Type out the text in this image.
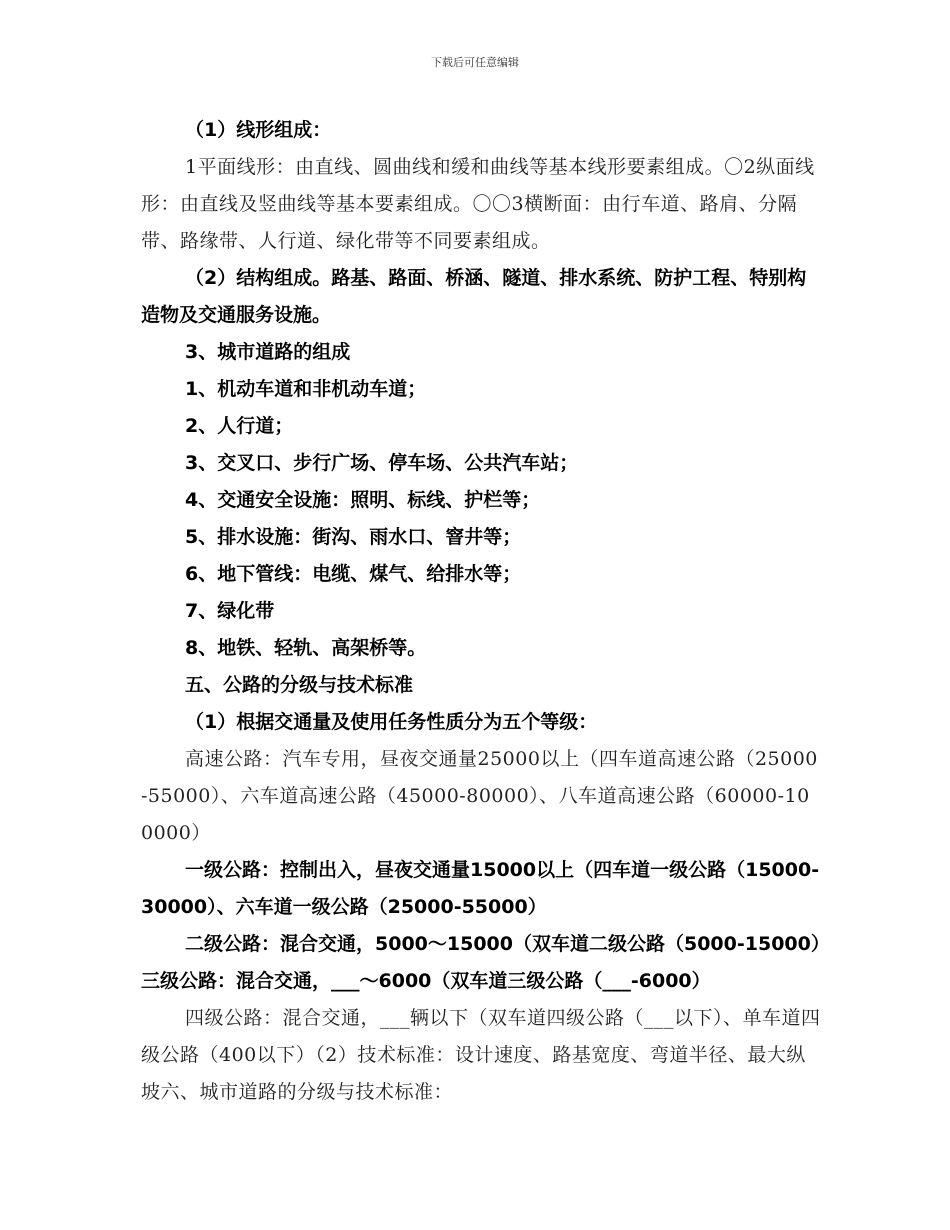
下载后可任意编辑

（1）线形组成：

1平面线形：由直线、圆曲线和缓和曲线等基本线形要素组成。〇2纵面线形：由直线及竖曲线等基本要素组成。〇〇3横断面：由行车道、路肩、分隔带、路缘带、人行道、绿化带等不同要素组成。

（2）结构组成。路基、路面、桥涵、隧道、排水系统、防护工程、特别构造物及交通服务设施。

3、城市道路的组成

1、机动车道和非机动车道；

2、人行道；

3、交叉口、步行广场、停车场、公共汽车站；

4、交通安全设施：照明、标线、护栏等；

5、排水设施：街沟、雨水口、窨井等；

6、地下管线：电缆、煤气、给排水等；

7、绿化带

8、地铁、轻轨、高架桥等。

五、公路的分级与技术标准

（1）根据交通量及使用任务性质分为五个等级：

高速公路：汽车专用，昼夜交通量25000以上（四车道高速公路（25000-55000）、六车道高速公路（45000-80000）、八车道高速公路（60000-100000）

一级公路：控制出入，昼夜交通量15000以上（四车道一级公路（15000-30000）、六车道一级公路（25000-55000）

二级公路：混合交通，5000～15000（双车道二级公路（5000-15000）三级公路：混合交通，___～6000（双车道三级公路（___-6000）

四级公路：混合交通，___辆以下（双车道四级公路（___以下）、单车道四级公路（400以下）（2）技术标准：设计速度、路基宽度、弯道半径、最大纵坡六、城市道路的分级与技术标准：
